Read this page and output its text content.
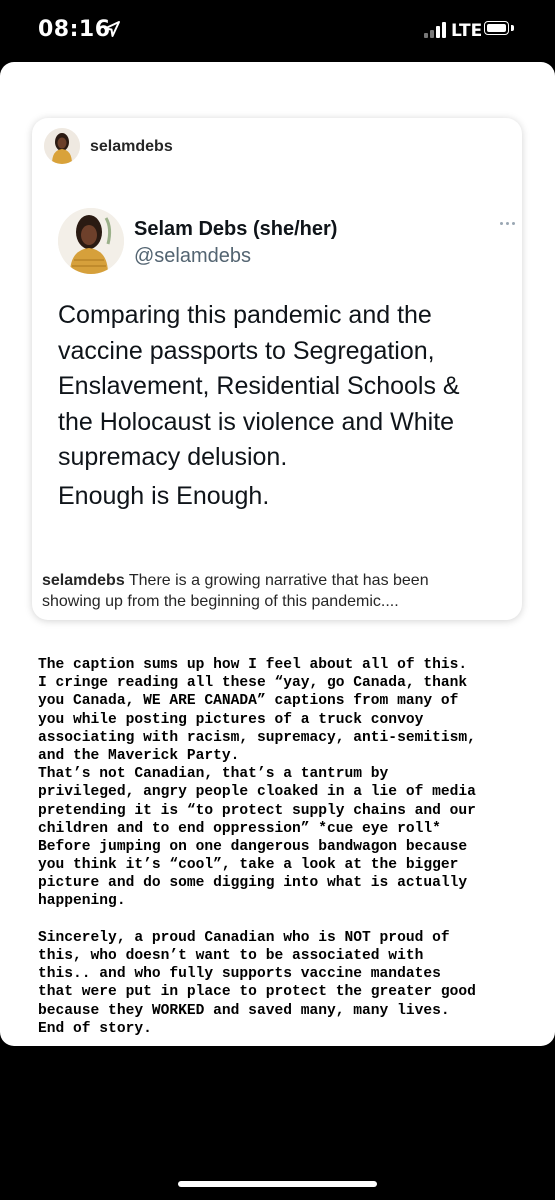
08:16	LTE
selamdebs
Selam Debs (she/her)
@selamdebs
Comparing this pandemic and the
vaccine passports to Segregation,
Enslavement, Residential Schools &
the Holocaust is violence and White
supremacy delusion.
Enough is Enough.
selamdebs There is a growing narrative that has been
showing up from the beginning of this pandemic....
The caption sums up how I feel about all of this.
I cringe reading all these “yay, go Canada, thank
you Canada, WE ARE CANADA” captions from many of
you while posting pictures of a truck convoy
associating with racism, supremacy, anti-semitism,
and the Maverick Party.
That’s not Canadian, that’s a tantrum by
privileged, angry people cloaked in a lie of media
pretending it is “to protect supply chains and our
children and to end oppression” *cue eye roll*
Before jumping on one dangerous bandwagon because
you think it’s “cool”, take a look at the bigger
picture and do some digging into what is actually
happening.
Sincerely, a proud Canadian who is NOT proud of
this, who doesn’t want to be associated with
this.. and who fully supports vaccine mandates
that were put in place to protect the greater good
because they WORKED and saved many, many lives.
End of story.
